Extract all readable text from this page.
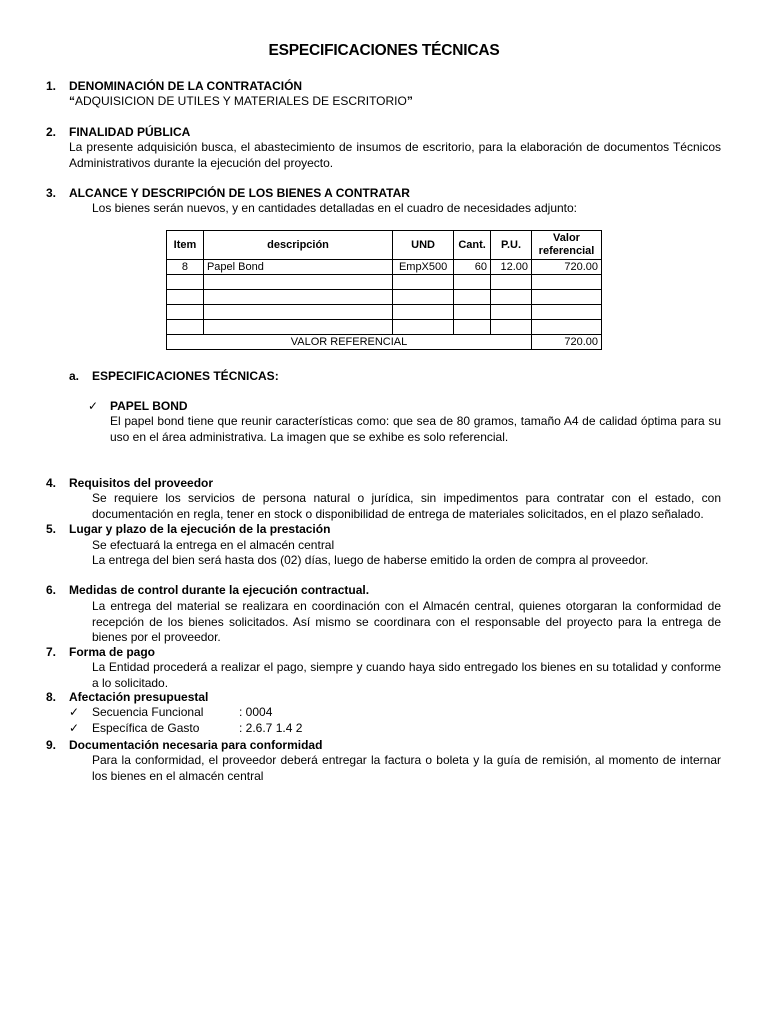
ESPECIFICACIONES TÉCNICAS
1. DENOMINACIÓN DE LA CONTRATACIÓN
“ADQUISICION DE UTILES Y MATERIALES DE ESCRITORIO”
2. FINALIDAD PÚBLICA
La presente adquisición busca, el abastecimiento de insumos de escritorio, para la elaboración de documentos Técnicos Administrativos durante la ejecución del proyecto.
3. ALCANCE Y DESCRIPCIÓN DE LOS BIENES A CONTRATAR
Los bienes serán nuevos, y en cantidades detalladas en el cuadro de necesidades adjunto:
Item	descripción	UND	Cant.	P.U.	Valor referencial
8	Papel Bond	EmpX500	60	12.00	720.00

VALOR REFERENCIAL					720.00
a. ESPECIFICACIONES TÉCNICAS:
✓ PAPEL BOND
El papel bond tiene que reunir características como: que sea de 80 gramos, tamaño A4 de calidad óptima para su uso en el área administrativa. La imagen que se exhibe es solo referencial.
4. Requisitos del proveedor
Se requiere los servicios de persona natural o jurídica, sin impedimentos para contratar con el estado, con documentación en regla, tener en stock o disponibilidad de entrega de materiales solicitados, en el plazo señalado.
5. Lugar y plazo de la ejecución de la prestación
Se efectuará la entrega en el almacén central
La entrega del bien será hasta dos (02) días, luego de haberse emitido la orden de compra al proveedor.
6. Medidas de control durante la ejecución contractual.
La entrega del material se realizara en coordinación con el Almacén central, quienes otorgaran la conformidad de recepción de los bienes solicitados. Así mismo se coordinara con el responsable del proyecto para la entrega de bienes por el proveedor.
7. Forma de pago
La Entidad procederá a realizar el pago, siempre y cuando haya sido entregado los bienes en su totalidad y conforme a lo solicitado.
8. Afectación presupuestal
✓ Secuencia Funcional	: 0004
✓ Específica de Gasto	: 2.6.7 1.4 2
9. Documentación necesaria para conformidad
Para la conformidad, el proveedor deberá entregar la factura o boleta y la guía de remisión, al momento de internar los bienes en el almacén central
